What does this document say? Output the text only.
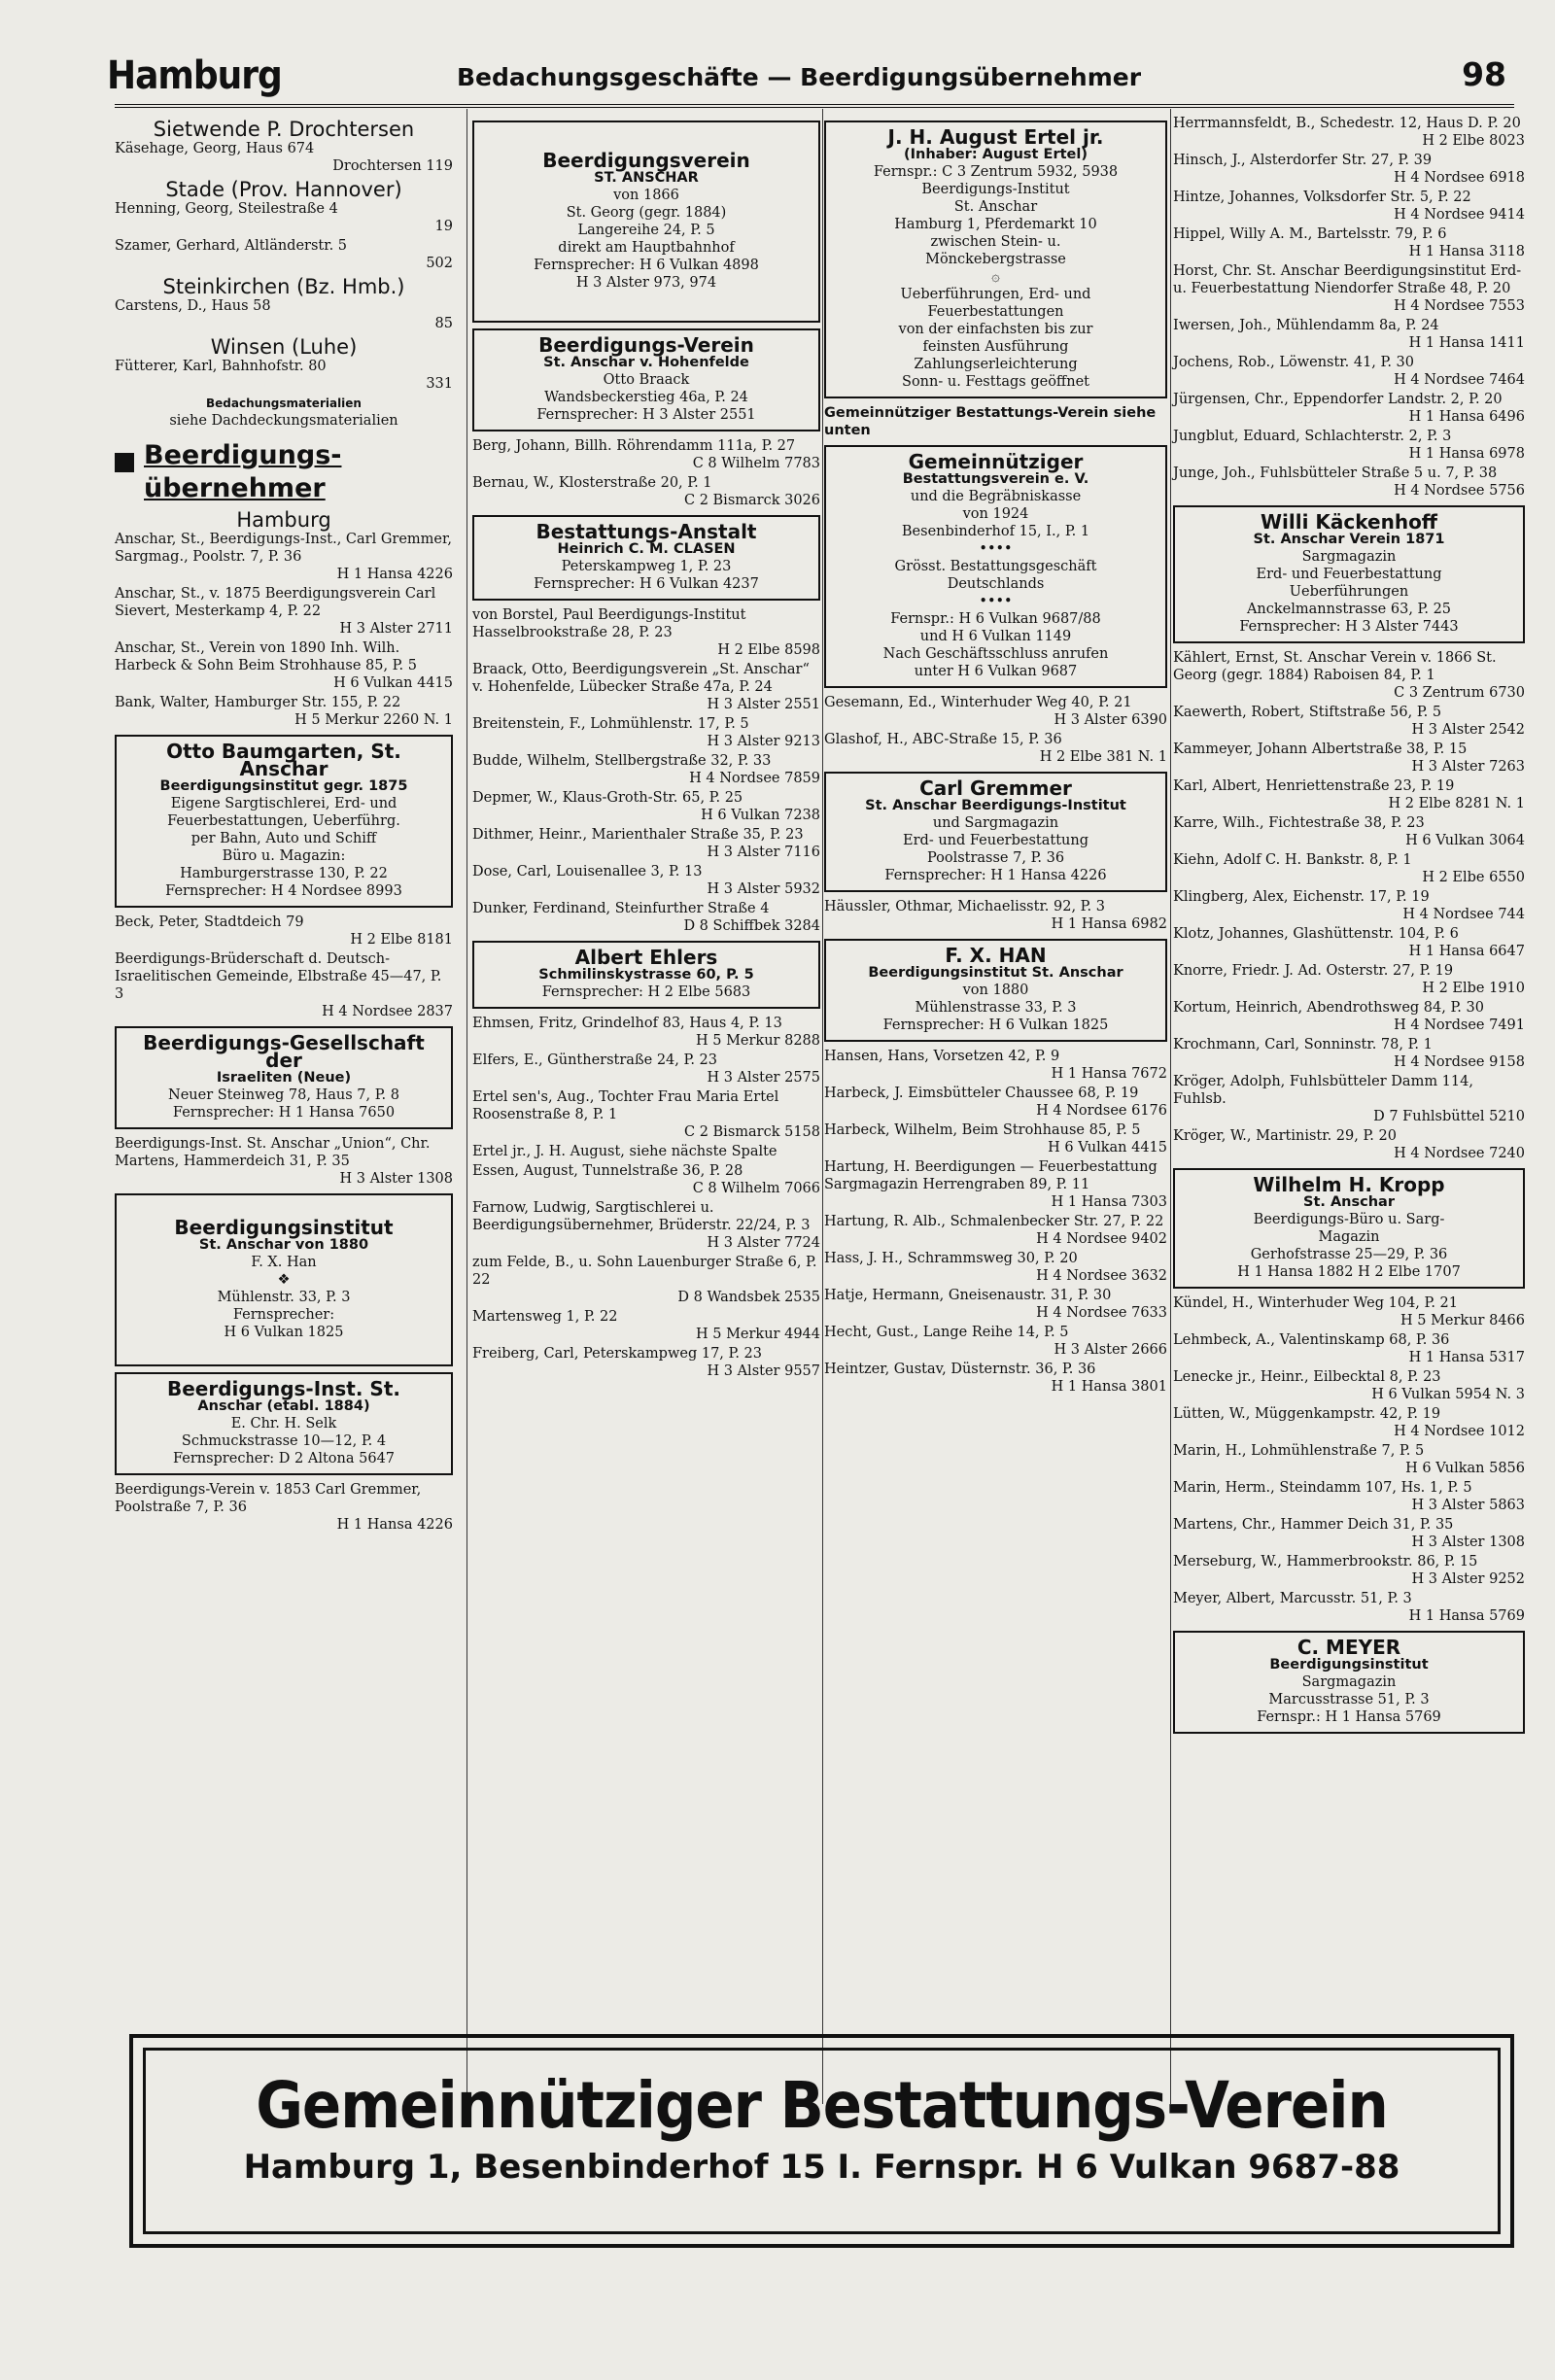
Hamburg	Bedachungsgeschäfte — Beerdigungsübernehmer	98
Sietwende P. Drochtersen
Käsehage, Georg, Haus 674
Drochtersen 119
Stade (Prov. Hannover)
Henning, Georg, Steilestraße 4
19
Szamer, Gerhard, Altländerstr. 5
502
Steinkirchen (Bz. Hmb.)
Carstens, D., Haus 58
85
Winsen (Luhe)
Fütterer, Karl, Bahnhofstr. 80
331
Bedachungsmaterialien
siehe Dachdeckungsmaterialien
Beerdigungs-
übernehmer
Hamburg
Anschar, St., Beerdigungs-Inst., Carl Gremmer, Sargmag., Poolstr. 7, P. 36
H 1 Hansa 4226
Anschar, St., v. 1875 Beerdigungsverein Carl Sievert, Mesterkamp 4, P. 22
H 3 Alster 2711
Anschar, St., Verein von 1890 Inh. Wilh. Harbeck & Sohn Beim Strohhause 85, P. 5
H 6 Vulkan 4415
Bank, Walter, Hamburger Str. 155, P. 22
H 5 Merkur 2260 N. 1
Otto Baumgarten, St. Anschar
Beerdigungsinstitut gegr. 1875
Eigene Sargtischlerei, Erd- und
Feuerbestattungen, Ueberführg.
per Bahn, Auto und Schiff
Büro u. Magazin:
Hamburgerstrasse 130, P. 22
Fernsprecher: H 4 Nordsee 8993
Beck, Peter, Stadtdeich 79
H 2 Elbe 8181
Beerdigungs-Brüderschaft d. Deutsch-Israelitischen Gemeinde, Elbstraße 45—47, P. 3
H 4 Nordsee 2837
Beerdigungs-Gesellschaft der
Israeliten (Neue)
Neuer Steinweg 78, Haus 7, P. 8
Fernsprecher: H 1 Hansa 7650
Beerdigungs-Inst. St. Anschar „Union“, Chr. Martens, Hammerdeich 31, P. 35
H 3 Alster 1308
Beerdigungsinstitut
St. Anschar von 1880
F. X. Han
❖
Mühlenstr. 33, P. 3
Fernsprecher:
H 6 Vulkan 1825
Beerdigungs-Inst. St.
Anschar (etabl. 1884)
E. Chr. H. Selk
Schmuckstrasse 10—12, P. 4
Fernsprecher: D 2 Altona 5647
Beerdigungs-Verein v. 1853 Carl Gremmer, Poolstraße 7, P. 36
H 1 Hansa 4226
Beerdigungsverein
ST. ANSCHAR
von 1866
St. Georg (gegr. 1884)
Langereihe 24, P. 5
direkt am Hauptbahnhof
Fernsprecher: H 6 Vulkan 4898
H 3 Alster 973, 974
Beerdigungs-Verein
St. Anschar v. Hohenfelde
Otto Braack
Wandsbeckerstieg 46a, P. 24
Fernsprecher: H 3 Alster 2551
Berg, Johann, Billh. Röhrendamm 111a, P. 27
C 8 Wilhelm 7783
Bernau, W., Klosterstraße 20, P. 1
C 2 Bismarck 3026
Bestattungs-Anstalt
Heinrich C. M. CLASEN
Peterskampweg 1, P. 23
Fernsprecher: H 6 Vulkan 4237
von Borstel, Paul Beerdigungs-Institut Hasselbrookstraße 28, P. 23
H 2 Elbe 8598
Braack, Otto, Beerdigungsverein „St. Anschar“ v. Hohenfelde, Lübecker Straße 47a, P. 24
H 3 Alster 2551
Breitenstein, F., Lohmühlenstr. 17, P. 5
H 3 Alster 9213
Budde, Wilhelm, Stellbergstraße 32, P. 33
H 4 Nordsee 7859
Depmer, W., Klaus-Groth-Str. 65, P. 25
H 6 Vulkan 7238
Dithmer, Heinr., Marienthaler Straße 35, P. 23
H 3 Alster 7116
Dose, Carl, Louisenallee 3, P. 13
H 3 Alster 5932
Dunker, Ferdinand, Steinfurther Straße 4
D 8 Schiffbek 3284
Albert Ehlers
Schmilinskystrasse 60, P. 5
Fernsprecher: H 2 Elbe 5683
Ehmsen, Fritz, Grindelhof 83, Haus 4, P. 13
H 5 Merkur 8288
Elfers, E., Güntherstraße 24, P. 23
H 3 Alster 2575
Ertel sen's, Aug., Tochter Frau Maria Ertel Roosenstraße 8, P. 1
C 2 Bismarck 5158
Ertel jr., J. H. August, siehe nächste Spalte
Essen, August, Tunnelstraße 36, P. 28
C 8 Wilhelm 7066
Farnow, Ludwig, Sargtischlerei u. Beerdigungsübernehmer, Brüderstr. 22/24, P. 3
H 3 Alster 7724
zum Felde, B., u. Sohn Lauenburger Straße 6, P. 22
D 8 Wandsbek 2535
Martensweg 1, P. 22
H 5 Merkur 4944
Freiberg, Carl, Peterskampweg 17, P. 23
H 3 Alster 9557
J. H. August Ertel jr.
(Inhaber: August Ertel)
Fernspr.: C 3 Zentrum 5932, 5938
Beerdigungs-Institut
St. Anschar
Hamburg 1, Pferdemarkt 10
zwischen Stein- u.
Mönckebergstrasse
۞
Ueberführungen, Erd- und
Feuerbestattungen
von der einfachsten bis zur
feinsten Ausführung
Zahlungserleichterung
Sonn- u. Festtags geöffnet
Gemeinnütziger Bestattungs-Verein siehe unten
Gemeinnütziger
Bestattungsverein e. V.
und die Begräbniskasse
von 1924
Besenbinderhof 15, I., P. 1
••••
Grösst. Bestattungsgeschäft
Deutschlands
••••
Fernspr.: H 6 Vulkan 9687/88
und H 6 Vulkan 1149
Nach Geschäftsschluss anrufen
unter H 6 Vulkan 9687
Gesemann, Ed., Winterhuder Weg 40, P. 21
H 3 Alster 6390
Glashof, H., ABC-Straße 15, P. 36
H 2 Elbe 381 N. 1
Carl Gremmer
St. Anschar Beerdigungs-Institut
und Sargmagazin
Erd- und Feuerbestattung
Poolstrasse 7, P. 36
Fernsprecher: H 1 Hansa 4226
Häussler, Othmar, Michaelisstr. 92, P. 3
H 1 Hansa 6982
F. X. HAN
Beerdigungsinstitut St. Anschar
von 1880
Mühlenstrasse 33, P. 3
Fernsprecher: H 6 Vulkan 1825
Hansen, Hans, Vorsetzen 42, P. 9
H 1 Hansa 7672
Harbeck, J. Eimsbütteler Chaussee 68, P. 19
H 4 Nordsee 6176
Harbeck, Wilhelm, Beim Strohhause 85, P. 5
H 6 Vulkan 4415
Hartung, H. Beerdigungen — Feuerbestattung Sargmagazin Herrengraben 89, P. 11
H 1 Hansa 7303
Hartung, R. Alb., Schmalenbecker Str. 27, P. 22
H 4 Nordsee 9402
Hass, J. H., Schrammsweg 30, P. 20
H 4 Nordsee 3632
Hatje, Hermann, Gneisenaustr. 31, P. 30
H 4 Nordsee 7633
Hecht, Gust., Lange Reihe 14, P. 5
H 3 Alster 2666
Heintzer, Gustav, Düsternstr. 36, P. 36
H 1 Hansa 3801
Herrmannsfeldt, B., Schedestr. 12, Haus D. P. 20
H 2 Elbe 8023
Hinsch, J., Alsterdorfer Str. 27, P. 39
H 4 Nordsee 6918
Hintze, Johannes, Volksdorfer Str. 5, P. 22
H 4 Nordsee 9414
Hippel, Willy A. M., Bartelsstr. 79, P. 6
H 1 Hansa 3118
Horst, Chr. St. Anschar Beerdigungsinstitut Erd- u. Feuerbestattung Niendorfer Straße 48, P. 20
H 4 Nordsee 7553
Iwersen, Joh., Mühlendamm 8a, P. 24
H 1 Hansa 1411
Jochens, Rob., Löwenstr. 41, P. 30
H 4 Nordsee 7464
Jürgensen, Chr., Eppendorfer Landstr. 2, P. 20
H 1 Hansa 6496
Jungblut, Eduard, Schlachterstr. 2, P. 3
H 1 Hansa 6978
Junge, Joh., Fuhlsbütteler Straße 5 u. 7, P. 38
H 4 Nordsee 5756
Willi Käckenhoff
St. Anschar Verein 1871
Sargmagazin
Erd- und Feuerbestattung
Ueberführungen
Anckelmannstrasse 63, P. 25
Fernsprecher: H 3 Alster 7443
Kählert, Ernst, St. Anschar Verein v. 1866 St. Georg (gegr. 1884) Raboisen 84, P. 1
C 3 Zentrum 6730
Kaewerth, Robert, Stiftstraße 56, P. 5
H 3 Alster 2542
Kammeyer, Johann Albertstraße 38, P. 15
H 3 Alster 7263
Karl, Albert, Henriettenstraße 23, P. 19
H 2 Elbe 8281 N. 1
Karre, Wilh., Fichtestraße 38, P. 23
H 6 Vulkan 3064
Kiehn, Adolf C. H. Bankstr. 8, P. 1
H 2 Elbe 6550
Klingberg, Alex, Eichenstr. 17, P. 19
H 4 Nordsee 744
Klotz, Johannes, Glashüttenstr. 104, P. 6
H 1 Hansa 6647
Knorre, Friedr. J. Ad. Osterstr. 27, P. 19
H 2 Elbe 1910
Kortum, Heinrich, Abendrothsweg 84, P. 30
H 4 Nordsee 7491
Krochmann, Carl, Sonninstr. 78, P. 1
H 4 Nordsee 9158
Kröger, Adolph, Fuhlsbütteler Damm 114, Fuhlsb.
D 7 Fuhlsbüttel 5210
Kröger, W., Martinistr. 29, P. 20
H 4 Nordsee 7240
Wilhelm H. Kropp
St. Anschar
Beerdigungs-Büro u. Sarg-
Magazin
Gerhofstrasse 25—29, P. 36
H 1 Hansa 1882 H 2 Elbe 1707
Kündel, H., Winterhuder Weg 104, P. 21
H 5 Merkur 8466
Lehmbeck, A., Valentinskamp 68, P. 36
H 1 Hansa 5317
Lenecke jr., Heinr., Eilbecktal 8, P. 23
H 6 Vulkan 5954 N. 3
Lütten, W., Müggenkampstr. 42, P. 19
H 4 Nordsee 1012
Marin, H., Lohmühlenstraße 7, P. 5
H 6 Vulkan 5856
Marin, Herm., Steindamm 107, Hs. 1, P. 5
H 3 Alster 5863
Martens, Chr., Hammer Deich 31, P. 35
H 3 Alster 1308
Merseburg, W., Hammerbrookstr. 86, P. 15
H 3 Alster 9252
Meyer, Albert, Marcusstr. 51, P. 3
H 1 Hansa 5769
C. MEYER
Beerdigungsinstitut
Sargmagazin
Marcusstrasse 51, P. 3
Fernspr.: H 1 Hansa 5769
Gemeinnütziger Bestattungs-Verein
Hamburg 1, Besenbinderhof 15 I. Fernspr. H 6 Vulkan 9687-88
